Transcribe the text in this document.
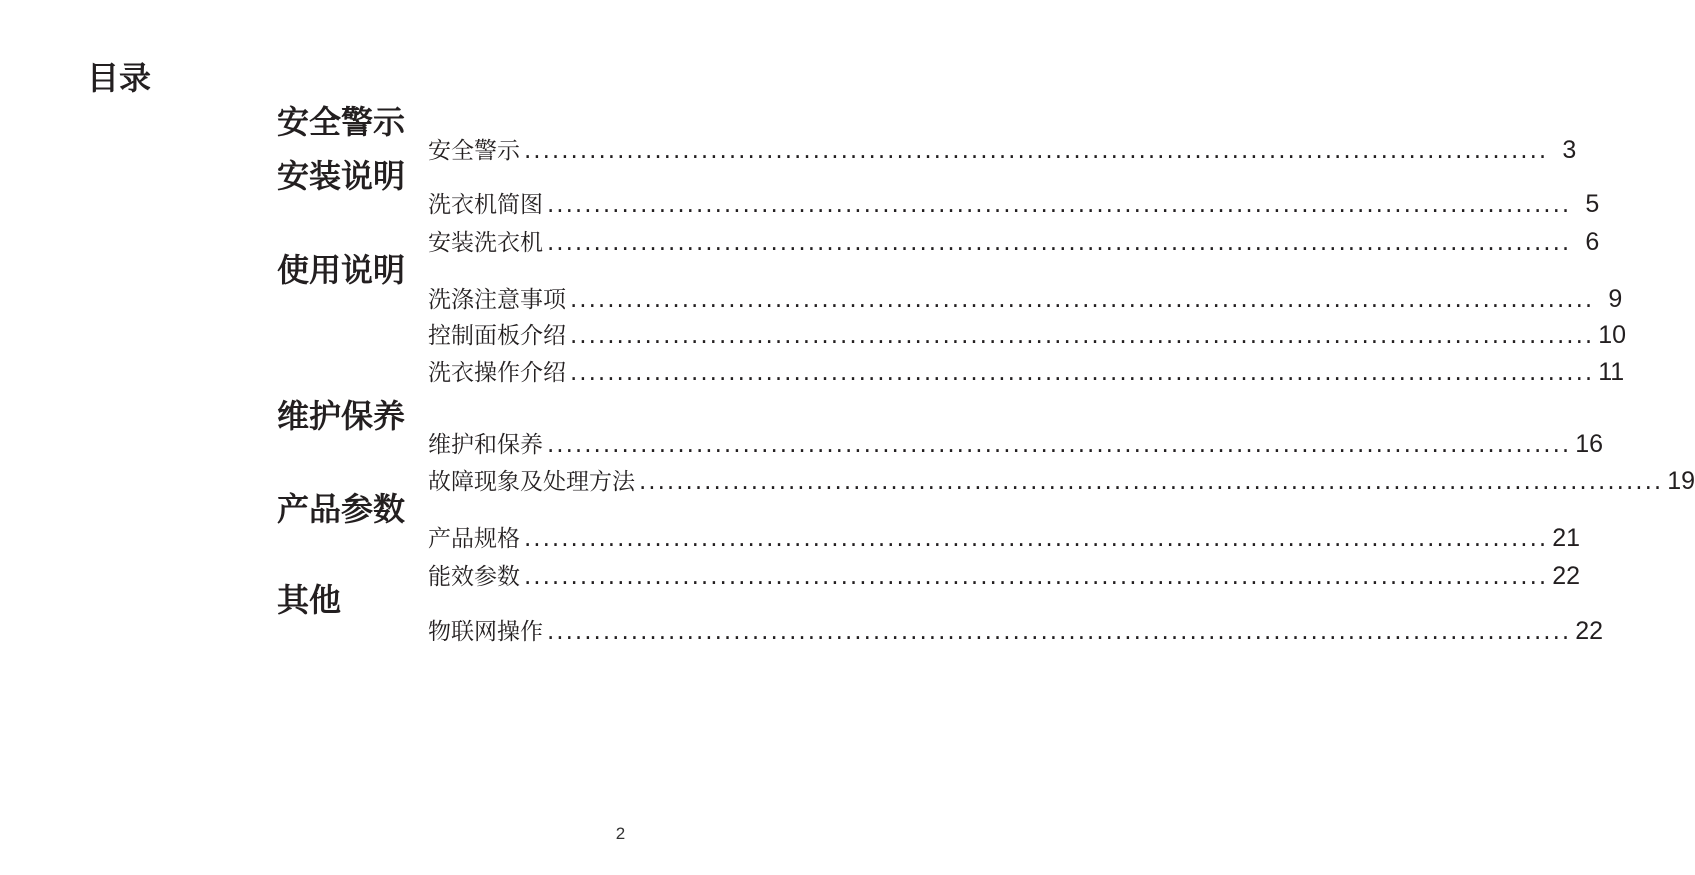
目录
安全警示
安装说明
使用说明
维护保养
产品参数
其他
安全警示 .............................................................................................................. 3
洗衣机简图 .............................................................................................................. 5
安装洗衣机 .............................................................................................................. 6
洗涤注意事项 .............................................................................................................. 9
控制面板介绍 .............................................................................................................. 10
洗衣操作介绍 .............................................................................................................. 11
维护和保养 .............................................................................................................. 16
故障现象及处理方法 .............................................................................................................. 19
产品规格 .............................................................................................................. 21
能效参数 .............................................................................................................. 22
物联网操作 .............................................................................................................. 22
2
